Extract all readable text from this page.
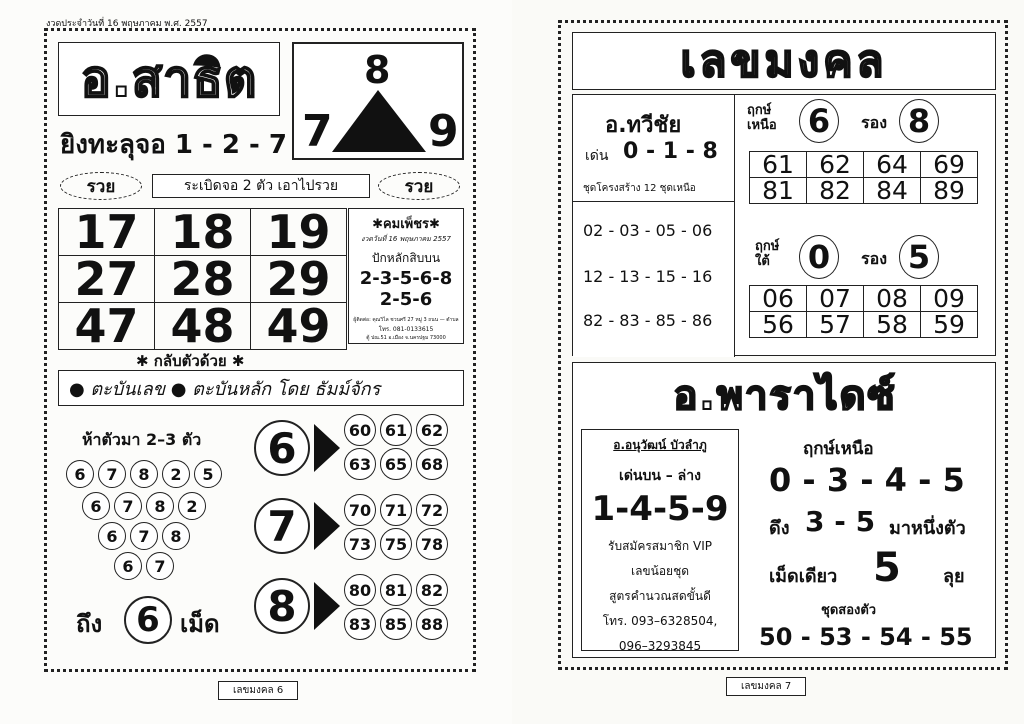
งวดประจำวันที่ 16 พฤษภาคม พ.ศ. 2557
อ.สาธิต
ยิงทะลุจอ 1 - 2 - 7
8
7 9
รวย	ระเบิดจอ 2 ตัว เอาไปรวย	รวย
17	18	19
27	28	29
47	48	49
✱คมเพ็ชร✱
งวดวันที่ 16 พฤษภาคม 2557
ปักหลักสิบบน
2-3-5-6-8
2-5-6
ผู้ติดต่อ: คุณวิไล ชวนศรี 27 หมู่ 3 ถนน — ตำบล
โทร. 081-0133615
ตู้ ปณ.51 อ.เมือง จ.นครปฐม 73000
✱ กลับตัวด้วย ✱
● ตะบันเลข ● ตะบันหลัก โดย ธัมม์จักร
ห้าตัวมา 2–3 ตัว
6	7	8	2	5
6	7	8	2
6	7	8
6	7
6
7
8
60 61 62
63 65 68
70 71 72
73 75 78
80 81 82
83 85 88
ถึง 6 เม็ด
เลขมงคล 6
เลขมงคล
อ.ทวีชัย
เด่น 0 - 1 - 8
ชุดโครงสร้าง 12 ชุดเหนือ
02 - 03 - 05 - 06
12 - 13 - 15 - 16
82 - 83 - 85 - 86
ฤกษ์เหนือ 6	รอง 8
61	62	64	69
81	82	84	89
ฤกษ์ใต้	0	รอง 5
06	07	08	09
56	57	58	59
อ.พาราไดซ์
อ.อนุวัฒน์ บัวลำภู
เด่นบน – ล่าง
1-4-5-9
รับสมัครสมาชิก VIP
เลขน้อยชุด
สูตรคำนวณสดขั้นดี
โทร. 093–6328504,
096–3293845
ฤกษ์เหนือ
0 - 3 - 4 - 5
ดึง 3 - 5 มาหนึ่งตัว
เม็ดเดียว 5 ลุย
ชุดสองตัว
50 - 53 - 54 - 55
เลขมงคล 7
